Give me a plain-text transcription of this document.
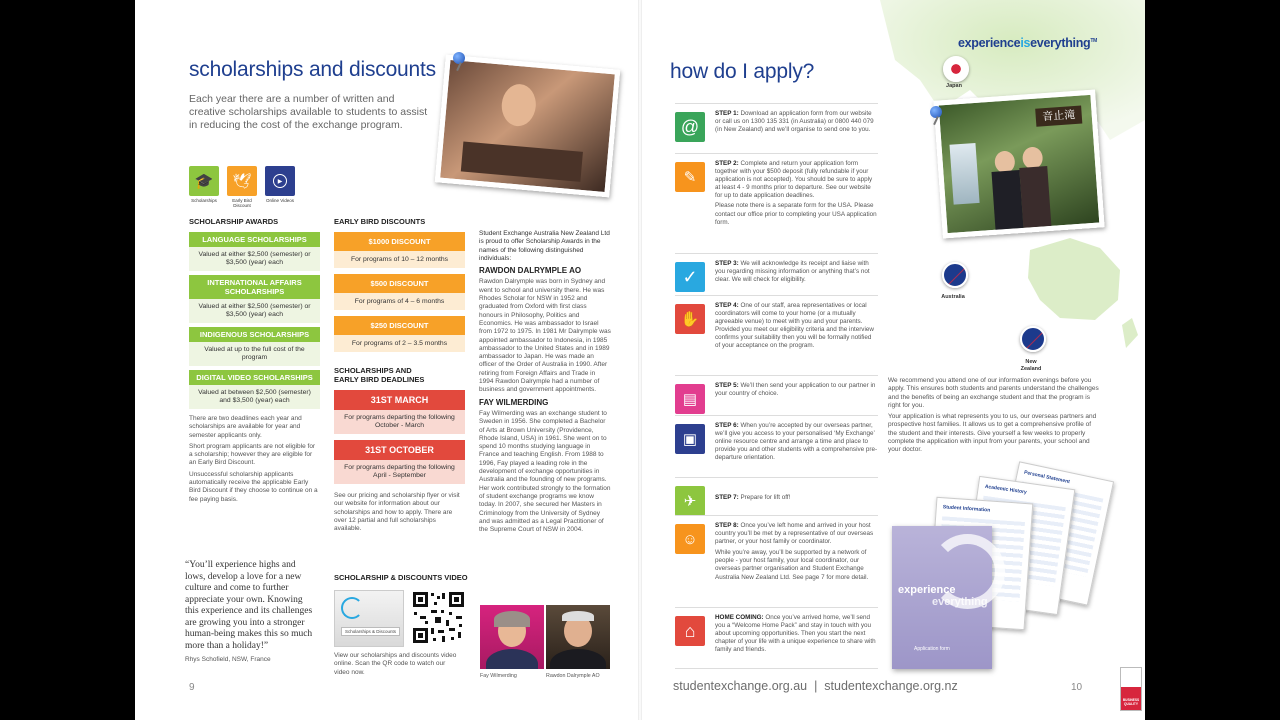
scholarships and discounts
Each year there are a number of written and creative scholarships available to students to assist in reducing the cost of the exchange program.
🎓
Scholarships
🕊
Early Bird Discount
▶
Online Videos
SCHOLARSHIP AWARDS
LANGUAGE SCHOLARSHIPS
Valued at either $2,500 (semester) or $3,500 (year) each
INTERNATIONAL AFFAIRS SCHOLARSHIPS
Valued at either $2,500 (semester) or $3,500 (year) each
INDIGENOUS SCHOLARSHIPS
Valued at up to the full cost of the program
DIGITAL VIDEO SCHOLARSHIPS
Valued at between $2,500 (semester) and $3,500 (year) each

There are two deadlines each year and scholarships are available for year and semester applicants only.

Short program applicants are not eligible for a scholarship; however they are eligible for an Early Bird Discount.

Unsuccessful scholarship applicants automatically receive the applicable Early Bird Discount if they choose to continue on a fee paying basis.

EARLY BIRD DISCOUNTS
$1000 DISCOUNT
For programs of 10 – 12 months
$500 DISCOUNT
For programs of 4 – 6 months
$250 DISCOUNT
For programs of 2 – 3.5 months
SCHOLARSHIPS AND EARLY BIRD DEADLINES
31ST MARCH
For programs departing the following October - March
31ST OCTOBER
For programs departing the following April - September
See our pricing and scholarship flyer or visit our website for information about our scholarships and how to apply. There are over 12 partial and full scholarships available.

Student Exchange Australia New Zealand Ltd is proud to offer Scholarship Awards in the names of the following distinguished individuals:

RAWDON DALRYMPLE AO

Rawdon Dalrymple was born in Sydney and went to school and university there. He was Rhodes Scholar for NSW in 1952 and graduated from Oxford with first class honours in Philosophy, Politics and Economics. He was ambassador to Israel from 1972 to 1975. In 1981 Mr Dalrymple was appointed ambassador to Indonesia, in 1985 ambassador to the United States and in 1989 ambassador to Japan. He was made an officer of the Order of Australia in 1990. After retiring from Foreign Affairs and Trade in 1994 Rawdon Dalrymple had a number of business and government appointments.

FAY WILMERDING

Fay Wilmerding was an exchange student to Sweden in 1956. She completed a Bachelor of Arts at Brown University (Providence, Rhode Island, USA) in 1961. She went on to spend 10 months studying language in France and teaching English. From 1988 to 1996, Fay played a leading role in the development of exchange opportunities in Australia and the founding of new programs. Her work contributed strongly to the formation of student exchange programs we know today. In 2007, she secured her Masters in Criminology from the University of Sydney and was admitted as a Legal Practitioner of the Supreme Court of NSW in 2004.

“You’ll experience highs and lows, develop a love for a new culture and come to further appreciate your own. Knowing this experience and its challenges are growing you into a stronger human-being makes this so much more than a holiday!”
Rhys Schofield, NSW, France
SCHOLARSHIP & DISCOUNTS VIDEO
Scholarships & Discounts
View our scholarships and discounts video online. Scan the QR code to watch our video now.
Fay Wilmerding	Rawdon Dalrymple AO
9
experienceiseverything™
how do I apply?
Japan
Australia
New Zealand
音止滝
@
STEP 1: Download an application form from our website or call us on 1300 135 331 (in Australia) or 0800 440 079 (in New Zealand) and we’ll organise to send one to you.
✎
STEP 2: Complete and return your application form together with your $500 deposit (fully refundable if your application is not accepted). You should be sure to apply at least 4 - 9 months prior to departure. See our website for up to date application deadlines.
Please note there is a separate form for the USA. Please contact our office prior to completing your USA application form.
✓
STEP 3: We will acknowledge its receipt and liaise with you regarding missing information or anything that’s not clear. We will check for eligibility.
✋
STEP 4: One of our staff, area representatives or local coordinators will come to your home (or a mutually agreeable venue) to meet with you and your parents. Provided you meet our eligibility criteria and the interview confirms your suitability then you will be formally notified of your acceptance on the program.
▤
STEP 5: We’ll then send your application to our partner in your country of choice.
▣
STEP 6: When you’re accepted by our overseas partner, we’ll give you access to your personalised ‘My Exchange’ online resource centre and arrange a time and place to provide you and other students with a comprehensive pre-departure orientation.
✈	STEP 7: Prepare for lift off!
☺
STEP 8: Once you’ve left home and arrived in your host country you’ll be met by a representative of our overseas partner, or your host family or coordinator.
While you’re away, you’ll be supported by a network of people - your host family, your local coordinator, our overseas partner organisation and Student Exchange Australia New Zealand Ltd. See page 7 for more detail.
⌂
HOME COMING: Once you’ve arrived home, we’ll send you a “Welcome Home Pack” and stay in touch with you about upcoming opportunities. Then you start the next chapter of your life with a unique experience to share with family and friends.

We recommend you attend one of our information evenings before you apply. This ensures both students and parents understand the challenges and the benefits of being an exchange student and that the program is right for you.

Your application is what represents you to us, our overseas partners and prospective host families. It allows us to get a comprehensive profile of the student and their interests. Give yourself a few weeks to properly complete the application with input from your parents, your school and your doctor.

Personal Statement
Academic History
Student Information
experience
everything
Application form
studentexchange.org.au  |  studentexchange.org.nz	10
BUSINESS QUALITY
